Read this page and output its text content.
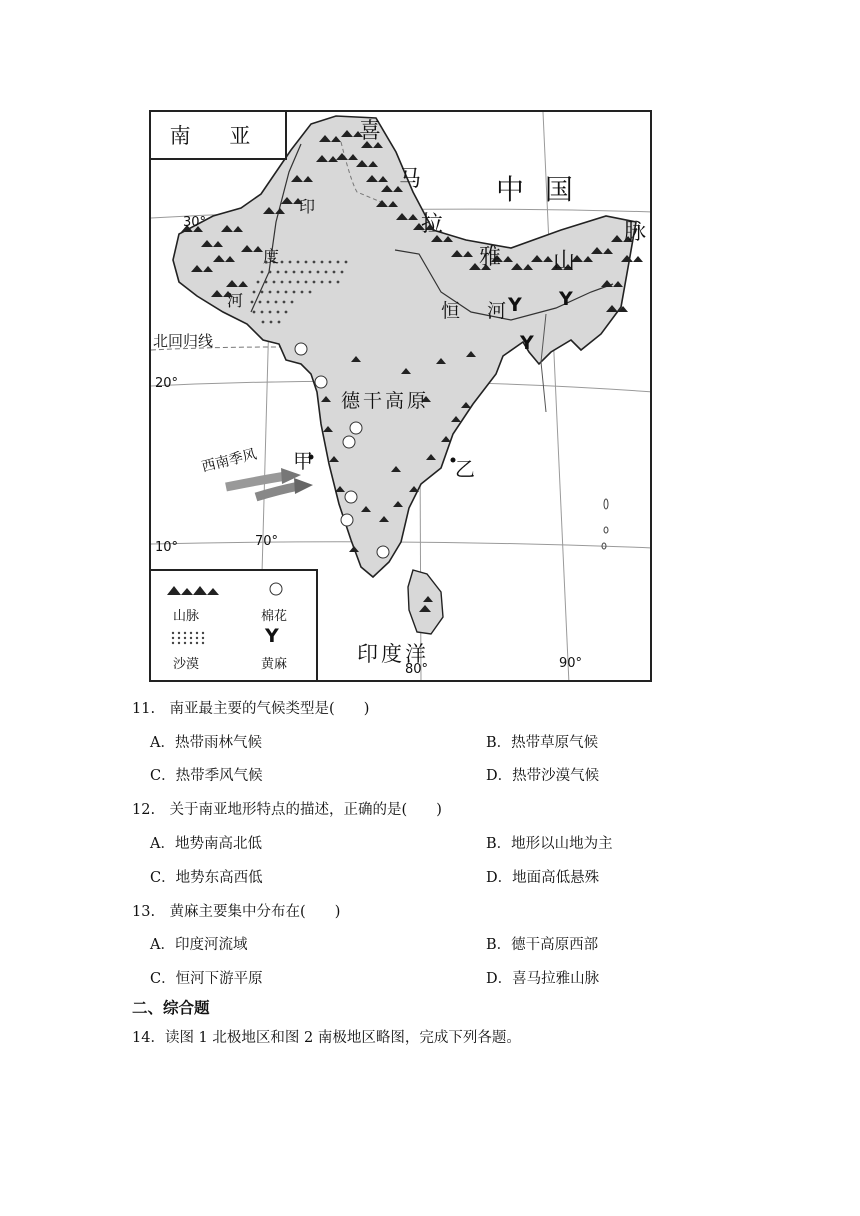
南 亚	喜
马
拉
雅 山
脉
中 国
印
度
河	恒 河 Y Y
Y
北回归线
德干高原
西南季风 甲	乙
印度洋
30°
20°
10°	70°
80°	90°
山脉	棉花
Y
沙漠	黄麻
11.　南亚最主要的气候类型是(　　)
A．热带雨林气候	B．热带草原气候
C．热带季风气候	D．热带沙漠气候
12.　关于南亚地形特点的描述，正确的是(　　)
A．地势南高北低	B．地形以山地为主
C．地势东高西低	D．地面高低悬殊
13.　黄麻主要集中分布在(　　)
A．印度河流域	B．德干高原西部
C．恒河下游平原	D．喜马拉雅山脉
二、综合题
14．读图 1 北极地区和图 2 南极地区略图，完成下列各题。
